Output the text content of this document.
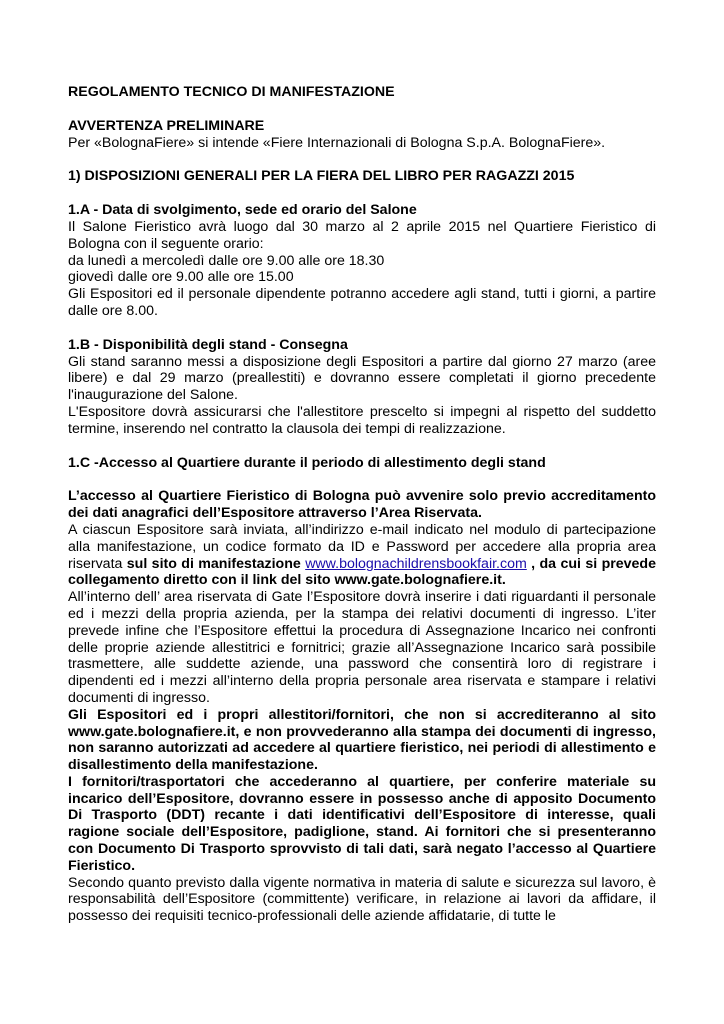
REGOLAMENTO TECNICO DI MANIFESTAZIONE
AVVERTENZA PRELIMINARE

Per «BolognaFiere» si intende «Fiere Internazionali di Bologna S.p.A. BolognaFiere».

1) DISPOSIZIONI GENERALI PER LA FIERA DEL LIBRO PER RAGAZZI 2015
1.A - Data di svolgimento, sede ed orario del Salone

Il Salone Fieristico avrà luogo dal 30 marzo al 2 aprile 2015 nel Quartiere Fieristico di Bologna con il seguente orario:

da lunedì a mercoledì dalle ore 9.00 alle ore 18.30

giovedì dalle ore 9.00 alle ore 15.00

Gli Espositori ed il personale dipendente potranno accedere agli stand, tutti i giorni, a partire dalle ore 8.00.

1.B - Disponibilità degli stand - Consegna

Gli stand saranno messi a disposizione degli Espositori a partire dal giorno 27 marzo (aree libere) e dal 29 marzo (preallestiti) e dovranno essere completati il giorno precedente l'inaugurazione del Salone.

L'Espositore dovrà assicurarsi che l'allestitore prescelto si impegni al rispetto del suddetto termine, inserendo nel contratto la clausola dei tempi di realizzazione.

1.C -Accesso al Quartiere durante il periodo di allestimento degli stand

L’accesso al Quartiere Fieristico di Bologna può avvenire solo previo accreditamento dei dati anagrafici dell’Espositore attraverso l’Area Riservata.

A ciascun Espositore sarà inviata, all’indirizzo e-mail indicato nel modulo di partecipazione alla manifestazione, un codice formato da ID e Password per accedere alla propria area riservata sul sito di manifestazione www.bolognachildrensbookfair.com , da cui si prevede collegamento diretto con il link del sito www.gate.bolognafiere.it.

All’interno dell’ area riservata di Gate l’Espositore dovrà inserire i dati riguardanti il personale ed i mezzi della propria azienda, per la stampa dei relativi documenti di ingresso. L’iter prevede infine che l’Espositore effettui la procedura di Assegnazione Incarico nei confronti delle proprie aziende allestitrici e fornitrici; grazie all’Assegnazione Incarico sarà possibile trasmettere, alle suddette aziende, una password che consentirà loro di registrare i dipendenti ed i mezzi all’interno della propria personale area riservata e stampare i relativi documenti di ingresso.

Gli Espositori ed i propri allestitori/fornitori, che non si accrediteranno al sito www.gate.bolognafiere.it, e non provvederanno alla stampa dei documenti di ingresso, non saranno autorizzati ad accedere al quartiere fieristico, nei periodi di allestimento e disallestimento della manifestazione.

I fornitori/trasportatori che accederanno al quartiere, per conferire materiale su incarico dell’Espositore, dovranno essere in possesso anche di apposito Documento Di Trasporto (DDT) recante i dati identificativi dell’Espositore di interesse, quali ragione sociale dell’Espositore, padiglione, stand. Ai fornitori che si presenteranno con Documento Di Trasporto sprovvisto di tali dati, sarà negato l’accesso al Quartiere Fieristico.

Secondo quanto previsto dalla vigente normativa in materia di salute e sicurezza sul lavoro, è responsabilità dell’Espositore (committente) verificare, in relazione ai lavori da affidare, il possesso dei requisiti tecnico-professionali delle aziende affidatarie, di tutte le
